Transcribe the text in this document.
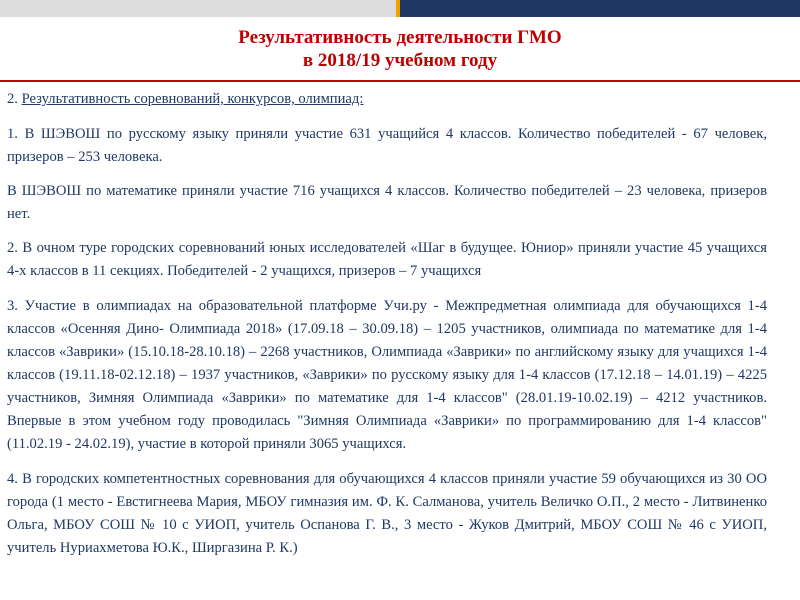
Результативность деятельности ГМО
в 2018/19 учебном году

2. Результативность соревнований, конкурсов, олимпиад:

1. В ШЭВОШ по русскому языку приняли участие 631 учащийся 4 классов. Количество победителей - 67 человек, призеров – 253 человека.

В ШЭВОШ по математике приняли участие 716 учащихся 4 классов. Количество победителей – 23 человека, призеров нет.

2. В очном туре городских соревнований юных исследователей «Шаг в будущее. Юниор» приняли участие 45 учащихся 4-х классов в 11 секциях. Победителей - 2 учащихся, призеров – 7 учащихся

3. Участие в олимпиадах на образовательной платформе Учи.ру - Межпредметная олимпиада для обучающихся 1-4 классов «Осенняя Дино- Олимпиада 2018» (17.09.18 – 30.09.18) – 1205 участников, олимпиада по математике для 1-4 классов «Заврики» (15.10.18-28.10.18) – 2268 участников, Олимпиада «Заврики» по английскому языку для учащихся 1-4 классов (19.11.18-02.12.18) – 1937 участников, «Заврики» по русскому языку для 1-4 классов (17.12.18 – 14.01.19) – 4225 участников, Зимняя Олимпиада «Заврики» по математике для 1-4 классов" (28.01.19-10.02.19) – 4212 участников. Впервые в этом учебном году проводилась "Зимняя Олимпиада «Заврики» по программированию для 1-4 классов" (11.02.19 - 24.02.19), участие в которой приняли 3065 учащихся.

4. В городских компетентностных соревнования для обучающихся 4 классов приняли участие 59 обучающихся из 30 ОО города (1 место - Евстигнеева Мария, МБОУ гимназия им. Ф. К. Салманова, учитель Величко О.П., 2 место - Литвиненко Ольга, МБОУ СОШ № 10 с УИОП, учитель Оспанова Г. В., 3 место - Жуков Дмитрий, МБОУ СОШ № 46 с УИОП, учитель Нуриахметова Ю.К., Ширгазина Р. К.)
